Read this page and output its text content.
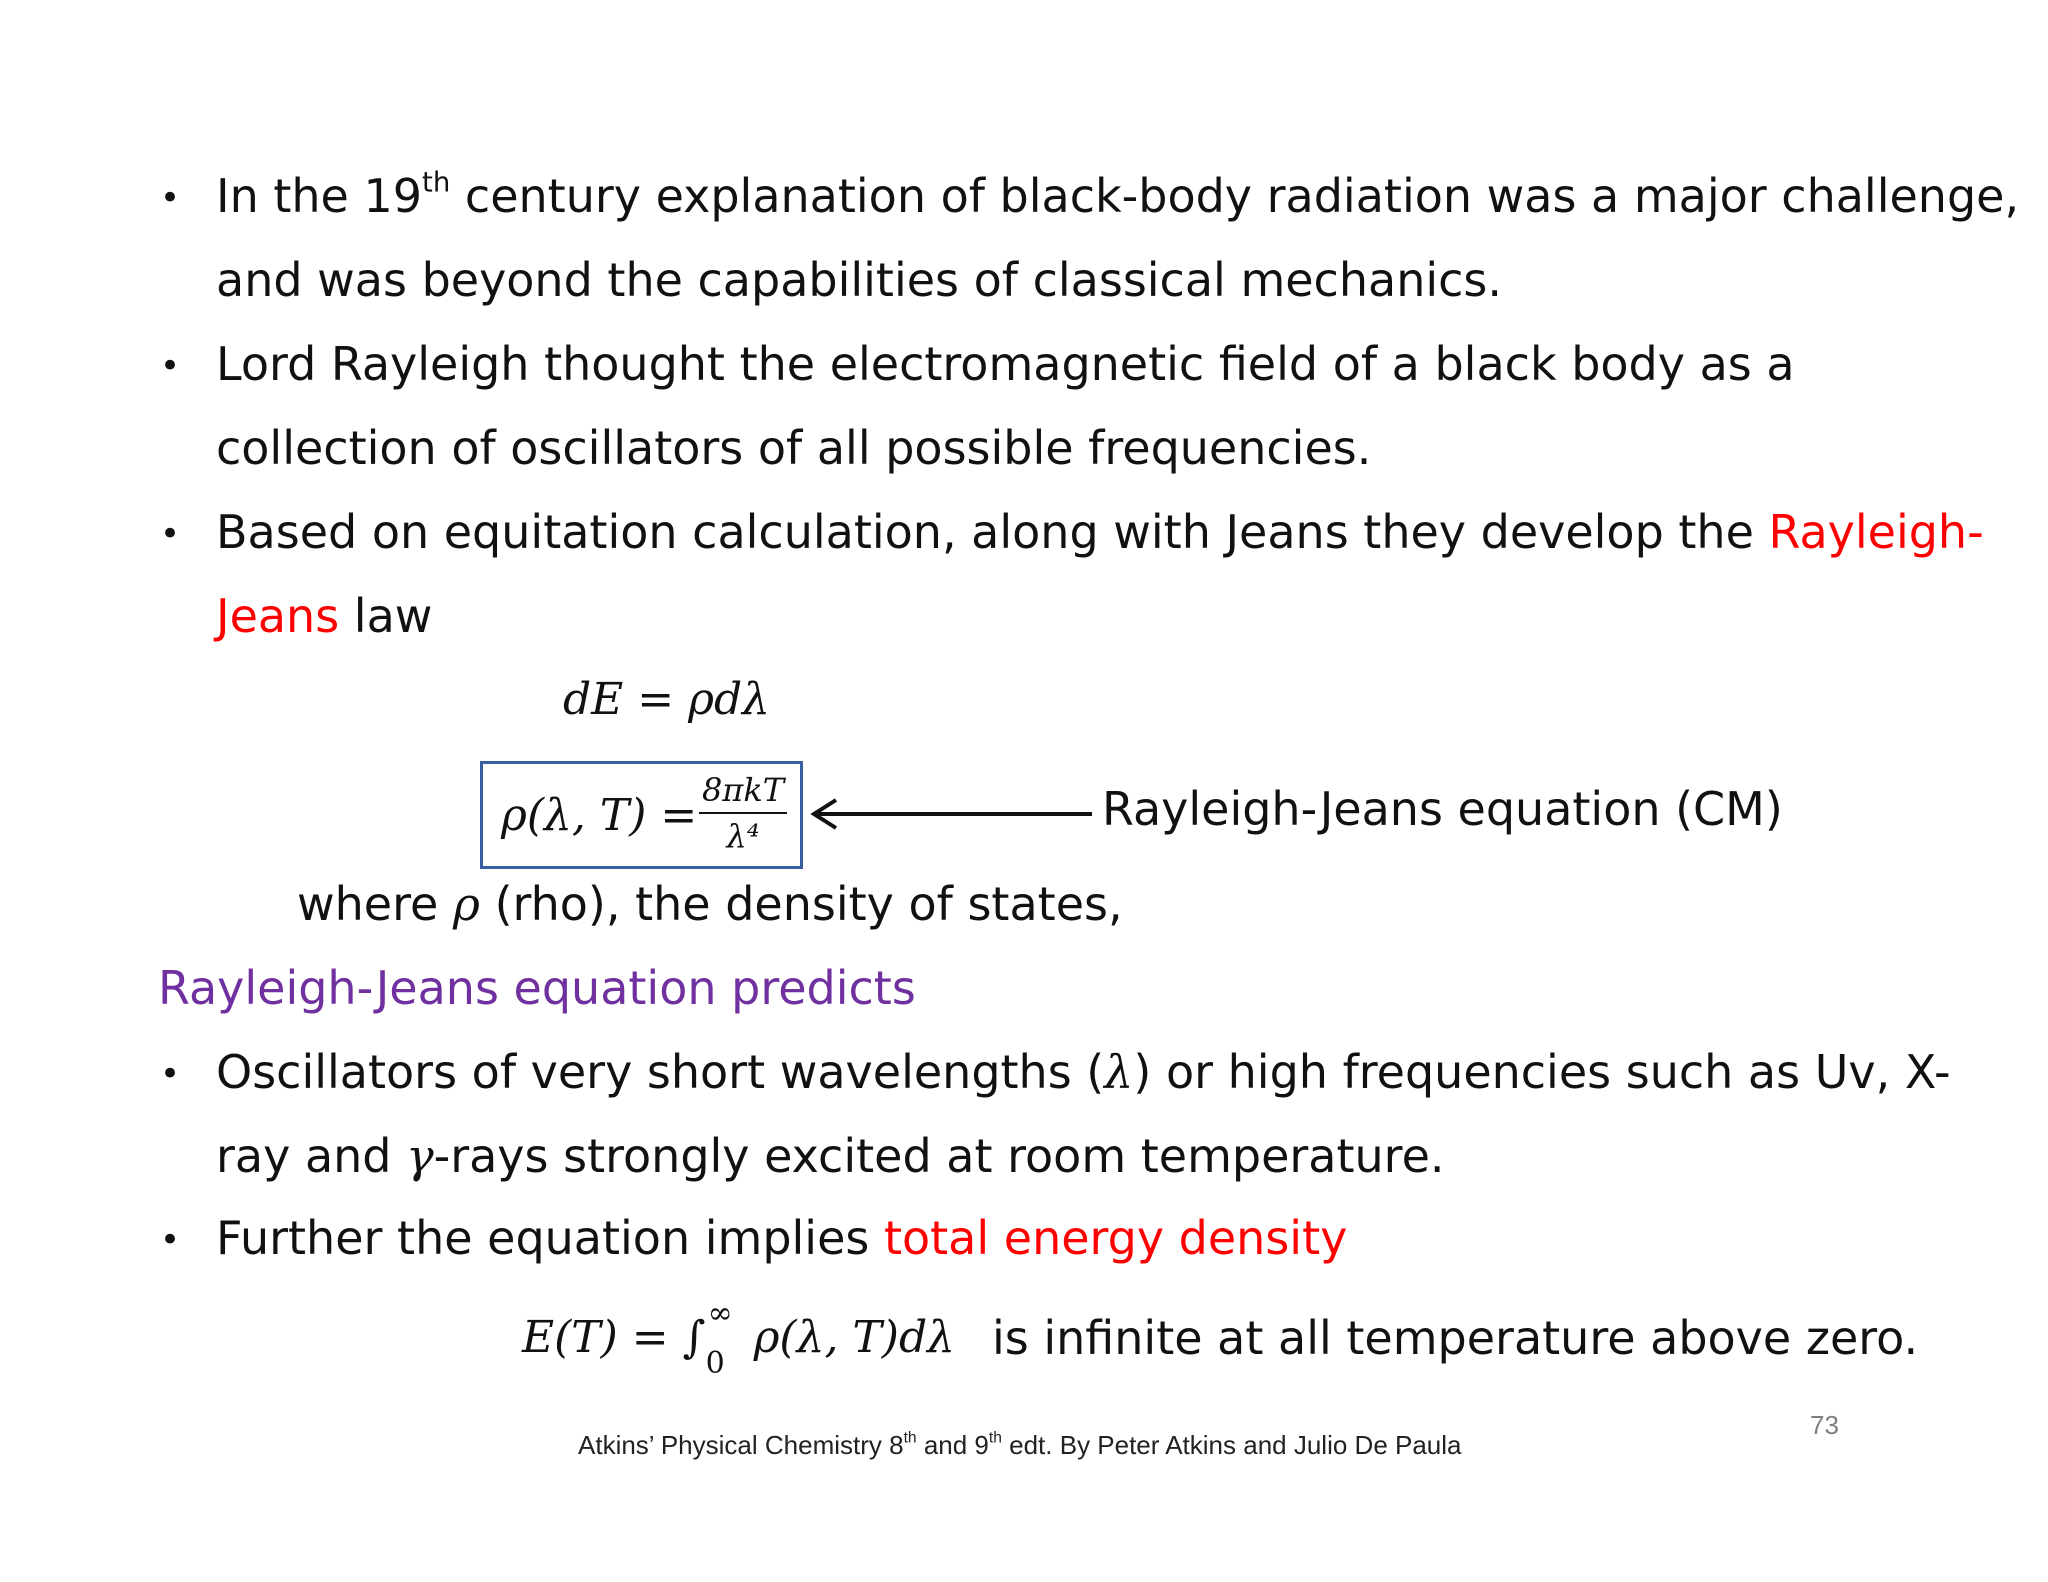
• In the 19th century explanation of black-body radiation was a major challenge,
and was beyond the capabilities of classical mechanics.
• Lord Rayleigh thought the electromagnetic field of a black body as a
collection of oscillators of all possible frequencies.
• Based on equitation calculation, along with Jeans they develop the Rayleigh-
Jeans law
dE = ρdλ
ρ(λ, T) = 8πkT
λ⁴	Rayleigh-Jeans equation (CM)
where ρ (rho), the density of states,
Rayleigh-Jeans equation predicts
• Oscillators of very short wavelengths (λ) or high frequencies such as Uv, X-
ray and γ-rays strongly excited at room temperature.
• Further the equation implies total energy density
E(T) = ∫ ∞
0
ρ(λ, T)dλ is infinite at all temperature above zero.
Atkins’ Physical Chemistry 8th and 9th edt. By Peter Atkins and Julio De Paula
73
